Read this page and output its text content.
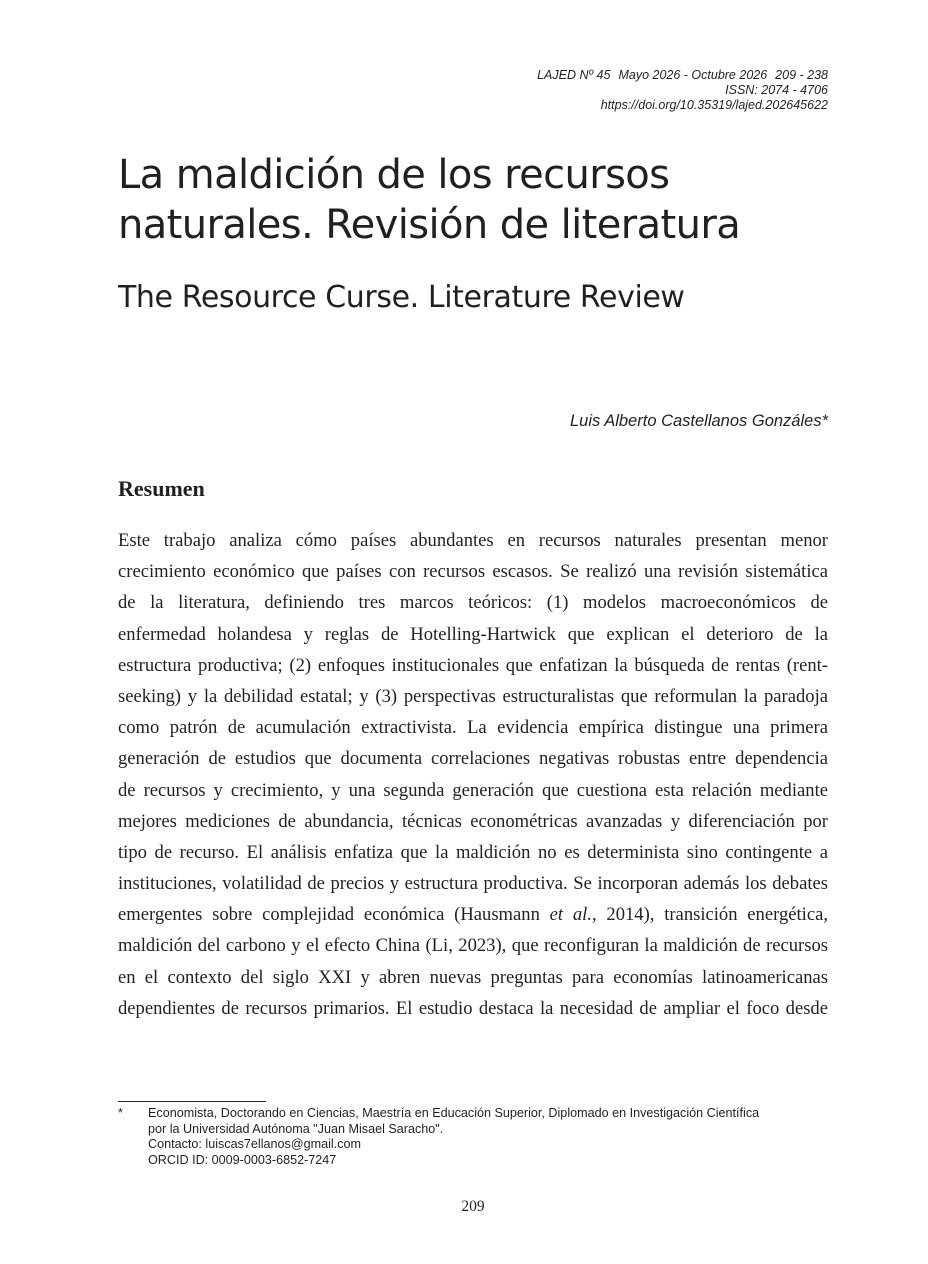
LAJED Nº 45 Mayo 2026 - Octubre 2026 209 - 238
ISSN: 2074 - 4706
https://doi.org/10.35319/lajed.202645622
La maldición de los recursos
naturales. Revisión de literatura
The Resource Curse. Literature Review
Luis Alberto Castellanos Gonzáles*
Resumen
Este trabajo analiza cómo países abundantes en recursos naturales presentan menor
crecimiento económico que países con recursos escasos. Se realizó una revisión sistemática
de la literatura, definiendo tres marcos teóricos: (1) modelos macroeconómicos de
enfermedad holandesa y reglas de Hotelling-Hartwick que explican el deterioro de la
estructura productiva; (2) enfoques institucionales que enfatizan la búsqueda de rentas (rent-
seeking) y la debilidad estatal; y (3) perspectivas estructuralistas que reformulan la paradoja
como patrón de acumulación extractivista. La evidencia empírica distingue una primera
generación de estudios que documenta correlaciones negativas robustas entre dependencia
de recursos y crecimiento, y una segunda generación que cuestiona esta relación mediante
mejores mediciones de abundancia, técnicas econométricas avanzadas y diferenciación por
tipo de recurso. El análisis enfatiza que la maldición no es determinista sino contingente a
instituciones, volatilidad de precios y estructura productiva. Se incorporan además los debates
emergentes sobre complejidad económica (Hausmann et al., 2014), transición energética,
maldición del carbono y el efecto China (Li, 2023), que reconfiguran la maldición de recursos
en el contexto del siglo XXI y abren nuevas preguntas para economías latinoamericanas
dependientes de recursos primarios. El estudio destaca la necesidad de ampliar el foco desde
* Economista, Doctorando en Ciencias, Maestría en Educación Superior, Diplomado en Investigación Científica
por la Universidad Autónoma "Juan Misael Saracho".
Contacto: luiscas7ellanos@gmail.com
ORCID ID: 0009-0003-6852-7247
209
